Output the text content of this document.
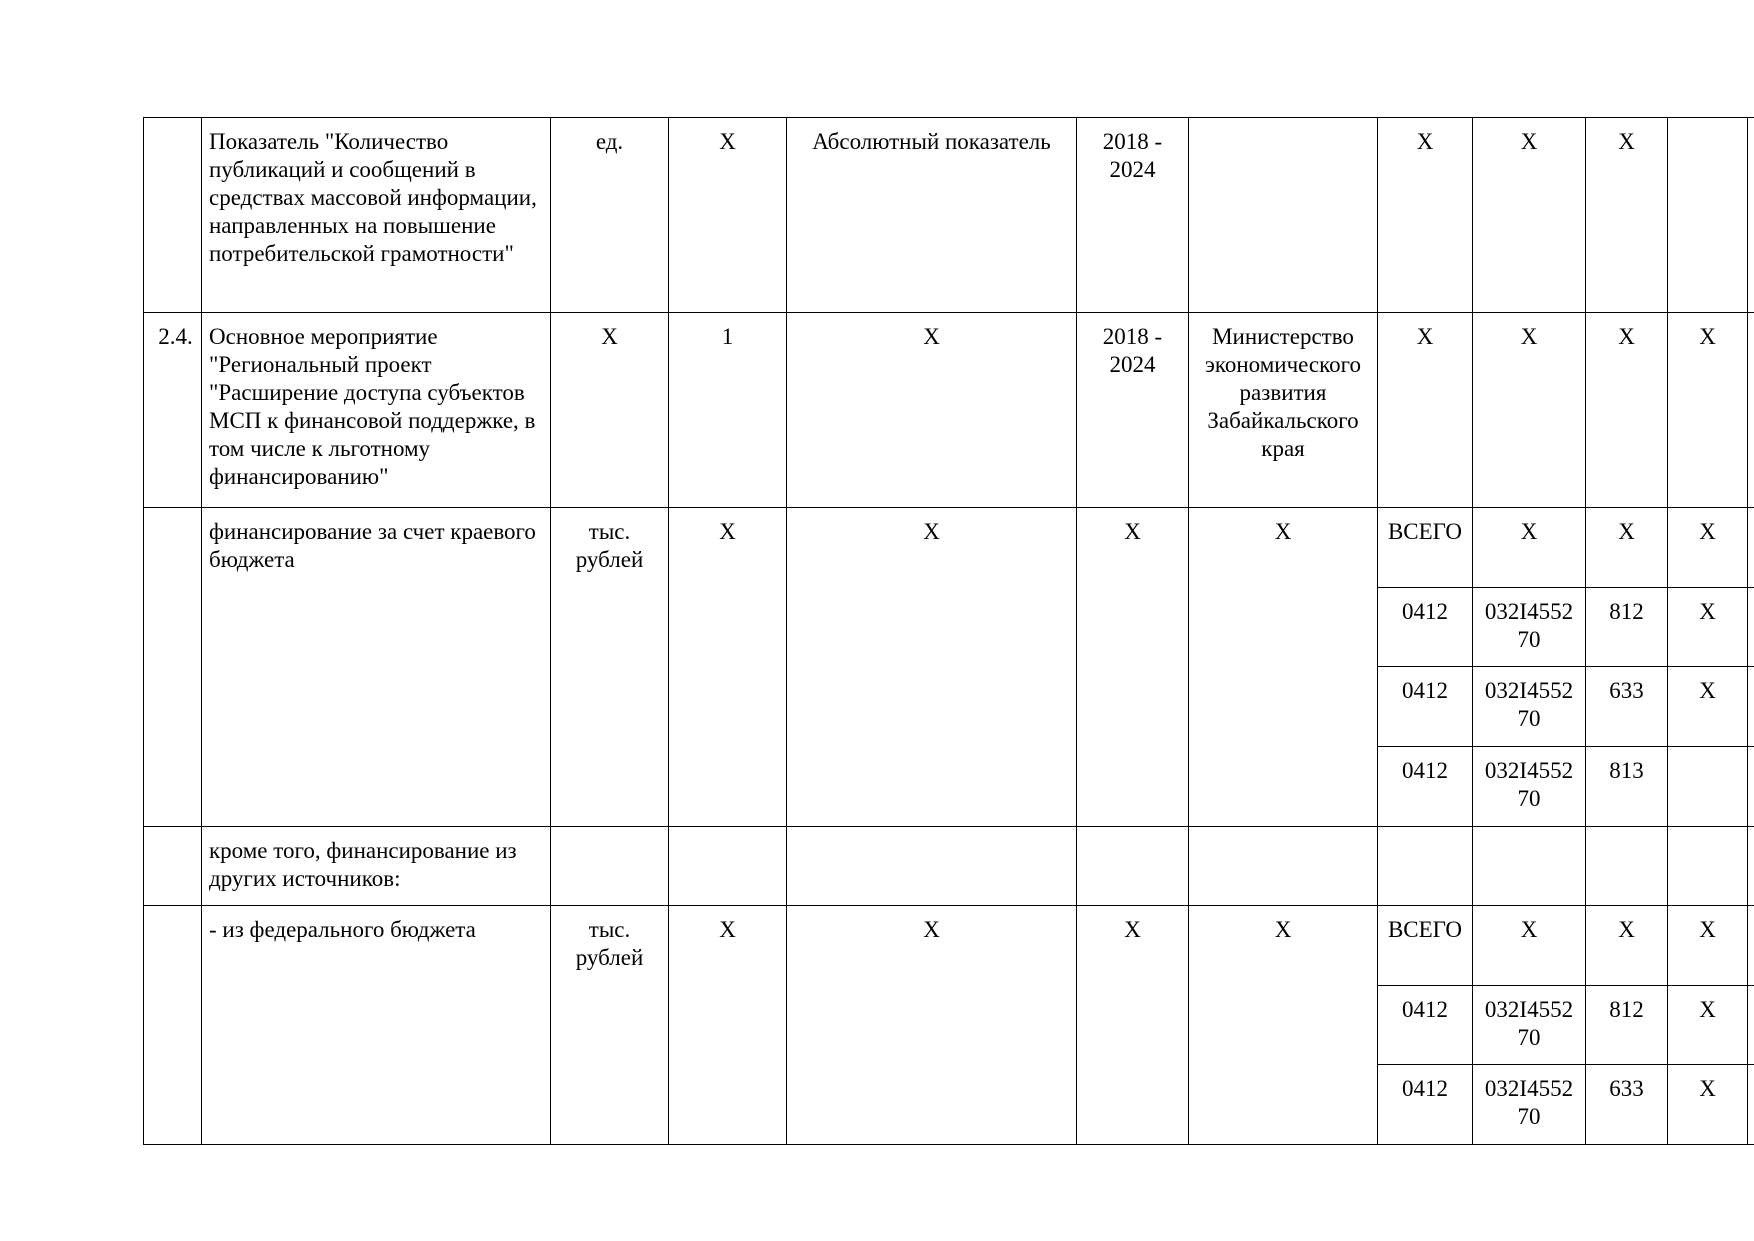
	Показатель "Количество публикаций и сообщений в средствах массовой информации, направленных на повышение потребительской грамотности"	ед.	X	Абсолютный показатель	2018 - 2024		X	X	X		
2.4.	Основное мероприятие "Региональный проект "Расширение доступа субъектов МСП к финансовой поддержке, в том числе к льготному финансированию"	X	1	X	2018 - 2024	Министерство экономического развития Забайкальского края	X	X	X	X	
	финансирование за счет краевого бюджета	тыс. рублей	X	X	X	X	ВСЕГО	X	X	X	
							0412	032I455270	812	X	
							0412	032I455270	633	X	
							0412	032I455270	813		
	кроме того, финансирование из других источников:										
	- из федерального бюджета	тыс. рублей	X	X	X	X	ВСЕГО	X	X	X	
							0412	032I455270	812	X	
							0412	032I455270	633	X	
